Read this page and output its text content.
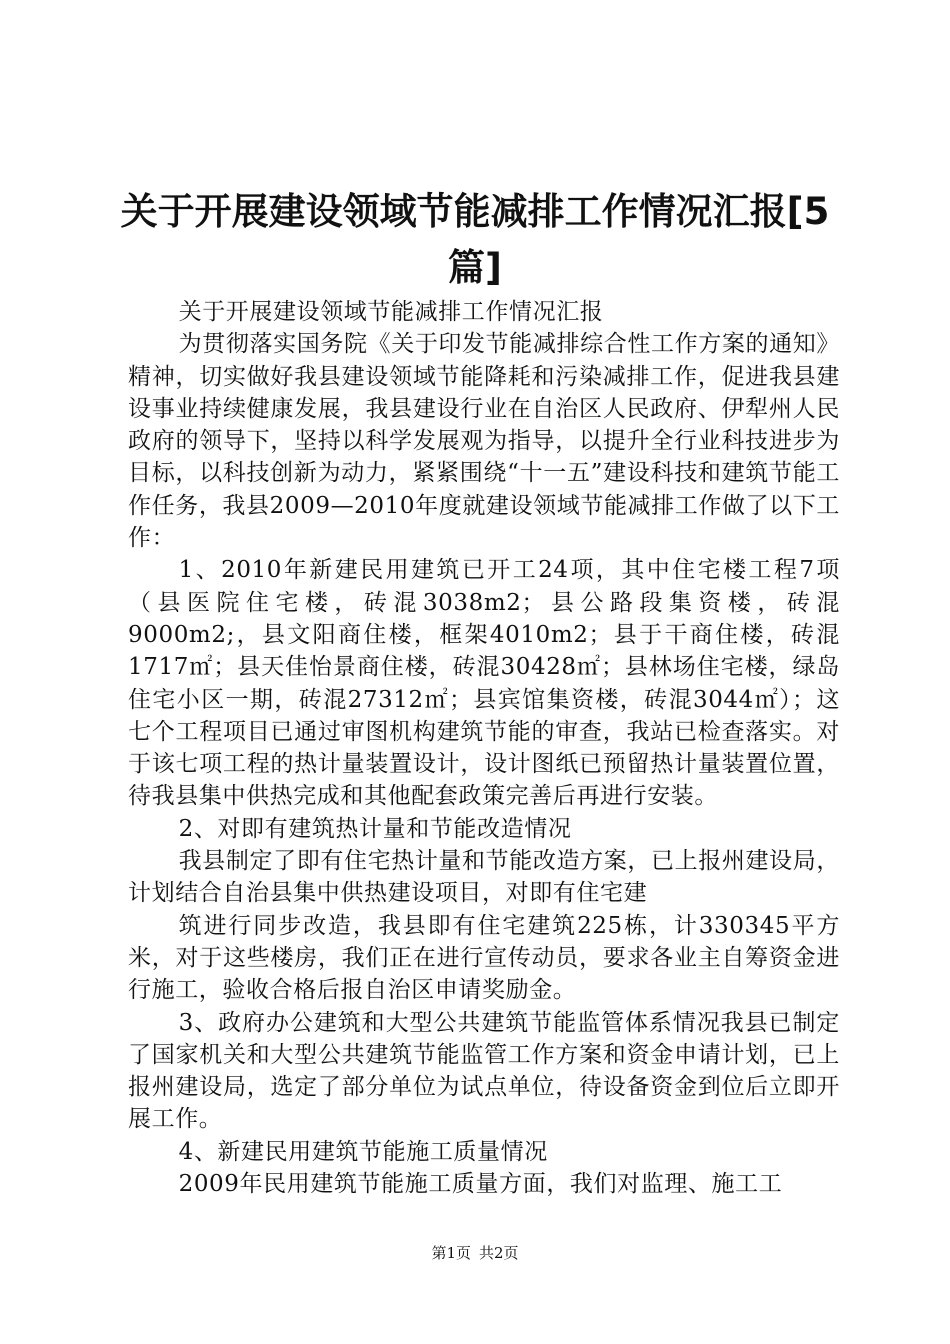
关于开展建设领域节能减排工作情况汇报[5篇]

关于开展建设领域节能减排工作情况汇报

为贯彻落实国务院《关于印发节能减排综合性工作方案的通知》精神，切实做好我县建设领域节能降耗和污染减排工作，促进我县建设事业持续健康发展，我县建设行业在自治区人民政府、伊犁州人民政府的领导下，坚持以科学发展观为指导，以提升全行业科技进步为目标，以科技创新为动力，紧紧围绕“十一五”建设科技和建筑节能工作任务，我县2009—2010年度就建设领域节能减排工作做了以下工作：

1、2010年新建民用建筑已开工24项，其中住宅楼工程7项（县医院住宅楼，砖混3038m2；县公路段集资楼，砖混9000m2;，县文阳商住楼，框架4010m2；县于干商住楼，砖混1717㎡；县天佳怡景商住楼，砖混30428㎡；县林场住宅楼，绿岛住宅小区一期，砖混27312㎡；县宾馆集资楼，砖混3044㎡）；这七个工程项目已通过审图机构建筑节能的审查，我站已检查落实。对于该七项工程的热计量装置设计，设计图纸已预留热计量装置位置，待我县集中供热完成和其他配套政策完善后再进行安装。

2、对即有建筑热计量和节能改造情况

我县制定了即有住宅热计量和节能改造方案，已上报州建设局，计划结合自治县集中供热建设项目，对即有住宅建

筑进行同步改造，我县即有住宅建筑225栋，计330345平方米，对于这些楼房，我们正在进行宣传动员，要求各业主自筹资金进行施工，验收合格后报自治区申请奖励金。

3、政府办公建筑和大型公共建筑节能监管体系情况我县已制定了国家机关和大型公共建筑节能监管工作方案和资金申请计划，已上报州建设局，选定了部分单位为试点单位，待设备资金到位后立即开展工作。

4、新建民用建筑节能施工质量情况

2009年民用建筑节能施工质量方面，我们对监理、施工工

第1页 共2页
